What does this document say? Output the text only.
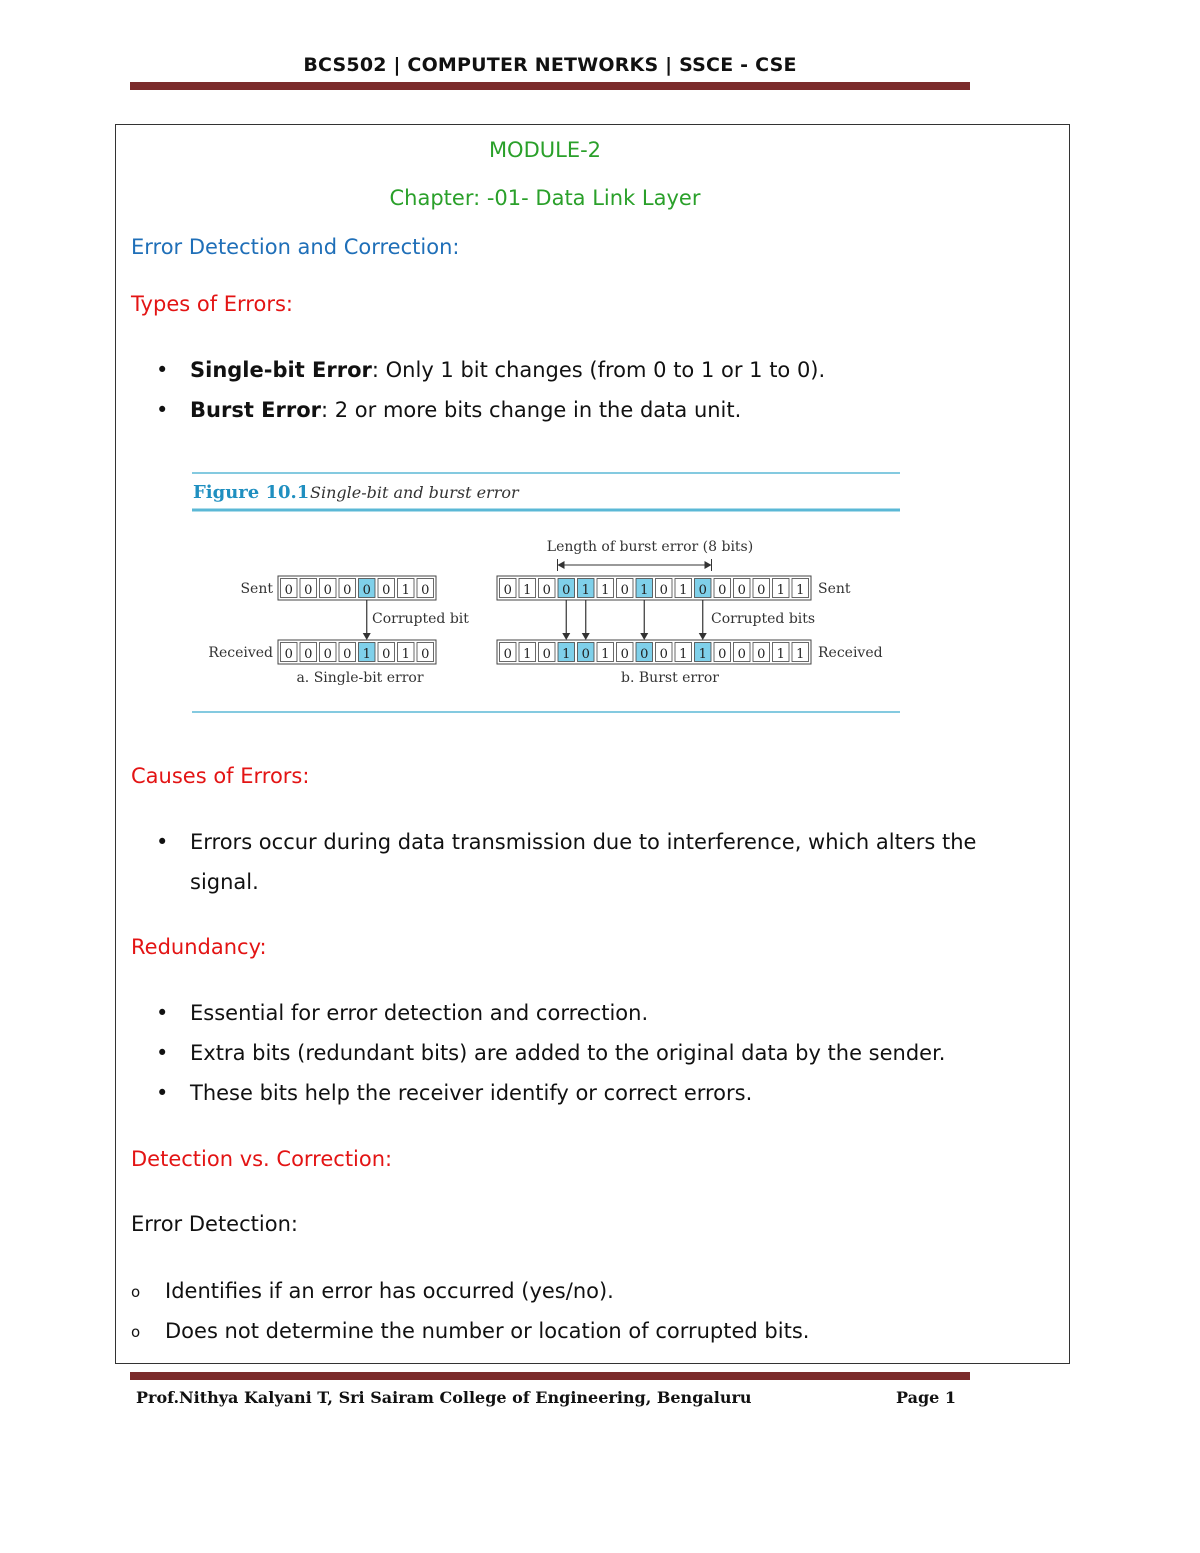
BCS502 | COMPUTER NETWORKS | SSCE - CSE
MODULE-2
Chapter: -01- Data Link Layer
Error Detection and Correction:
Types of Errors:
• Single-bit Error: Only 1 bit changes (from 0 to 1 or 1 to 0).
• Burst Error: 2 or more bits change in the data unit.
Figure 10.1 Single-bit and burst error
Sent
Received
Corrupted bit
a. Single-bit error
0 0 0 0 0 0 1 0
0 0 0 0 1 0 1 0
Length of burst error (8 bits)
Sent
Received
Corrupted bits
b. Burst error
0 1 0 0 1 1 0 1 0 1 0 0 0 0 1 1
0 1 0 1 0 1 0 0 0 1 1 0 0 0 1 1
Causes of Errors:
• Errors occur during data transmission due to interference, which alters the
signal.
Redundancy:
• Essential for error detection and correction.
• Extra bits (redundant bits) are added to the original data by the sender.
• These bits help the receiver identify or correct errors.
Detection vs. Correction:
Error Detection:
o Identifies if an error has occurred (yes/no).
o Does not determine the number or location of corrupted bits.
Prof.Nithya Kalyani T, Sri Sairam College of Engineering, Bengaluru	Page 1
